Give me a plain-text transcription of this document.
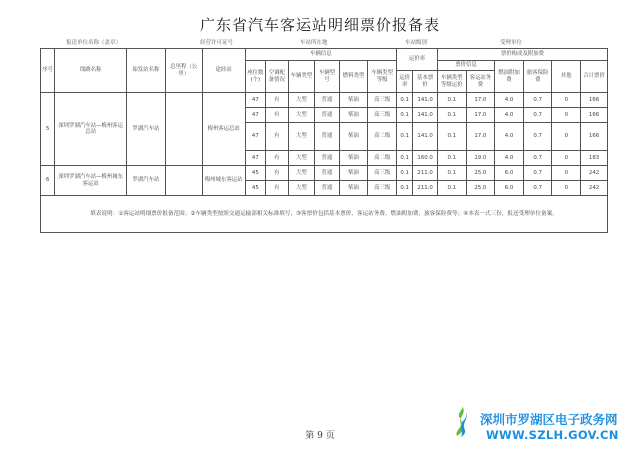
广东省汽车客运站明细票价报备表
报送单位名称（盖章）	经营许可证号	车站所在地	车站级别	受理单位
序号	线路名称	始发站名称	总里程（公里）	途经站	车辆信息						运价率		票价构成及附加费					
					座位数(个)	空调配备情况	车辆类型	车辆型号	燃料类型	车辆类型等级			票价信息		燃油附加费	旅客保险费	其他	合计票价
											运价率	基本票价	车辆类型等级运价	客运站务费				
5	深圳罗湖汽车站—梅州客运总站	罗湖汽车站		梅州客运总站	47	有	大型	普通	柴油	高三级	0.1	141.0	0.1	17.0	4.0	0.7	0	166
					47	有	大型	普通	柴油	高三级	0.1	141.0	0.1	17.0	4.0	0.7	0	166
					47	有	大型	普通	柴油	高二级	0.1	141.0	0.1	17.0	4.0	0.7	0	166
					47	有	大型	普通	柴油	高二级	0.1	160.0	0.1	19.0	4.0	0.7	0	183
6	深圳罗湖汽车站—梅州城东客运站	罗湖汽车站		梅州城东客运站	45	有	大型	普通	柴油	高三级	0.1	211.0	0.1	25.0	6.0	0.7	0	242
					45	有	大型	普通	柴油	高三级	0.1	211.0	0.1	25.0	6.0	0.7	0	242
填表说明：①客运站明细票价报备范围；②车辆类型按照交通运输部相关标准填写；③客票价包括基本票价、客运站务费、燃油附加费、旅客保险费等；④本表一式三份，报送受理单位备案。																		
深圳市罗湖区电子政务网
WWW.SZLH.GOV.CN
第 9 页
